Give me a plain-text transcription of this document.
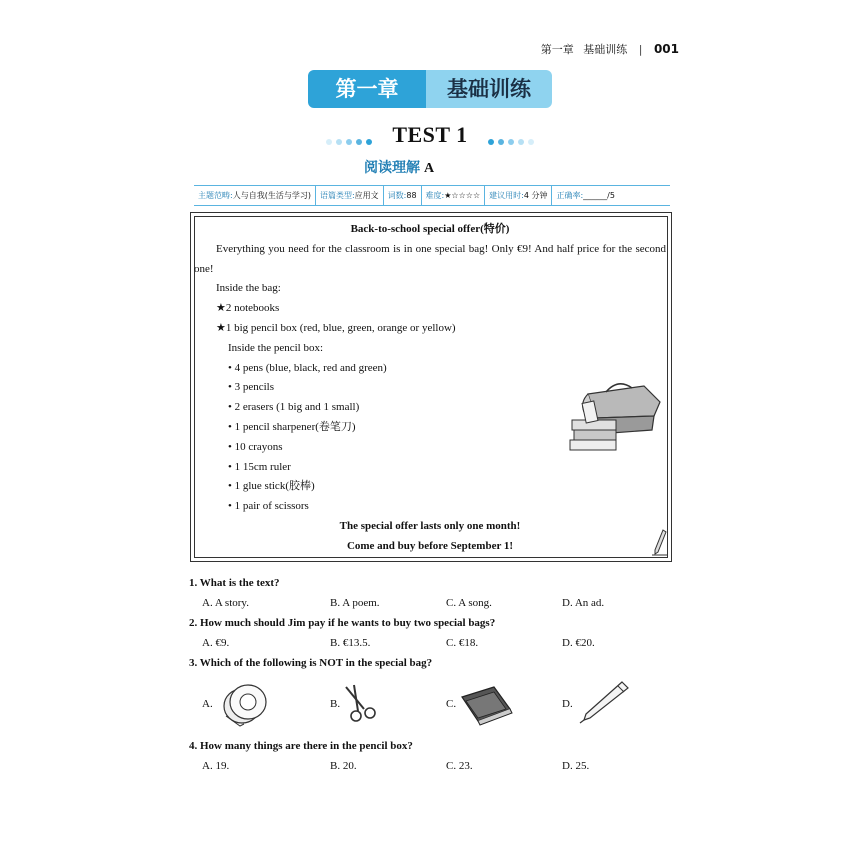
第一章 基础训练 | 001
第一章	基础训练
TEST 1
阅读理解 A
主题范畴:人与自我(生活与学习) 语篇类型:应用文 词数:88 难度:★☆☆☆☆ 建议用时:4 分钟 正确率:______/5
Back-to-school special offer(特价)
Everything you need for the classroom is in one special bag! Only €9! And half price for the second one!
Inside the bag:
★2 notebooks
★1 big pencil box (red, blue, green, orange or yellow)
Inside the pencil box:
• 4 pens (blue, black, red and green)
• 3 pencils
• 2 erasers (1 big and 1 small)
• 1 pencil sharpener(卷笔刀)
• 10 crayons
• 1 15cm ruler
• 1 glue stick(胶棒)
• 1 pair of scissors
The special offer lasts only one month!
Come and buy before September 1!
1. What is the text?
A. A story.	B. A poem.	C. A song.	D. An ad.
2. How much should Jim pay if he wants to buy two special bags?
A. €9.	B. €13.5.	C. €18.	D. €20.
3. Which of the following is NOT in the special bag?
A.	B.	C.	D.
4. How many things are there in the pencil box?
A. 19.	B. 20.	C. 23.	D. 25.
